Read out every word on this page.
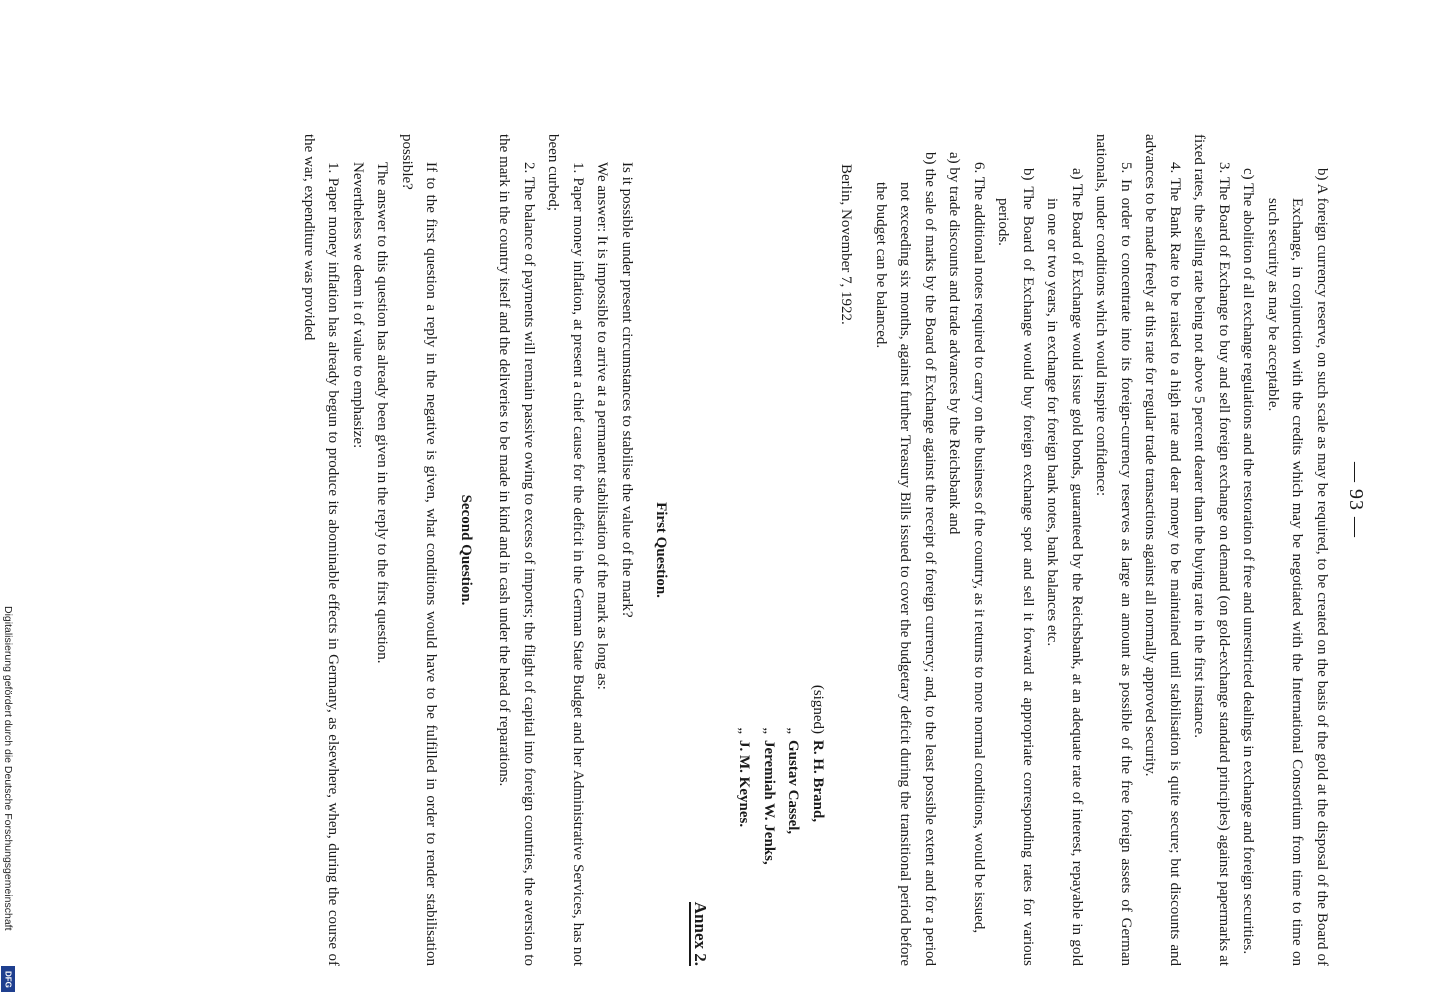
— 93 —

b) A foreign currency reserve, on such scale as may be required, to be created on the basis of the gold at the disposal of the Board of Exchange, in conjunction with the credits which may be negotiated with the International Consortium from time to time on such security as may be acceptable.

c) The abolition of all exchange regulations and the restoration of free and unrestricted dealings in exchange and foreign securities.

3. The Board of Exchange to buy and sell foreign exchange on demand (on gold-exchange standard principles) against papermarks at fixed rates, the selling rate being not above 5 percent dearer than the buying rate in the first instance.

4. The Bank Rate to be raised to a high rate and dear money to be maintained until stabilisation is quite secure; but discounts and advances to be made freely at this rate for regular trade transactions against all normally approved security.

5. In order to concentrate into its foreign-currency reserves as large an amount as possible of the free foreign assets of German nationals, under conditions which would inspire confidence:

a) The Board of Exchange would issue gold bonds, guaranteed by the Reichsbank, at an adequate rate of interest, repayable in gold in one or two years, in exchange for foreign bank notes, bank balances etc.

b) The Board of Exchange would buy foreign exchange spot and sell it forward at appropriate corresponding rates for various periods.

6. The additional notes required to carry on the business of the country, as it returns to more normal conditions, would be issued,

a) by trade discounts and trade advances by the Reichsbank and

b) the sale of marks by the Board of Exchange against the receipt of foreign currency; and, to the least possible extent and for a period not exceeding six months, against further Treasury Bills issued to cover the budgetary deficit during the transitional period before the budget can be balanced.

Berlin, November 7, 1922.

(signed)
R. H. Brand,
„
Gustav Cassel,
„
Jeremiah W. Jenks,
„
J. M. Keynes.
Annex 2.
First Question.

Is it possible under present circumstances to stabilise the value of the mark?

We answer: It is impossible to arrive at a permanent stabilisation of the mark as long as:

1. Paper money inflation, at present a chief cause for the deficit in the German State Budget and her Administrative Services, has not been curbed;

2. The balance of payments will remain passive owing to excess of imports; the flight of capital into foreign countries, the aversion to the mark in the country itself and the deliveries to be made in kind and in cash under the head of reparations.

Second Question.

If to the first question a reply in the negative is given, what conditions would have to be fulfilled in order to render stabilisation possible?

The answer to this question has already been given in the reply to the first question.

Nevertheless we deem it of value to emphasize:

1. Paper money inflation has already begun to produce its abominable effects in Germany, as elsewhere, when, during the course of the war, expenditure was provided

Digitalisierung gefördert durch die Deutsche Forschungsgemeinschaft
DFG
